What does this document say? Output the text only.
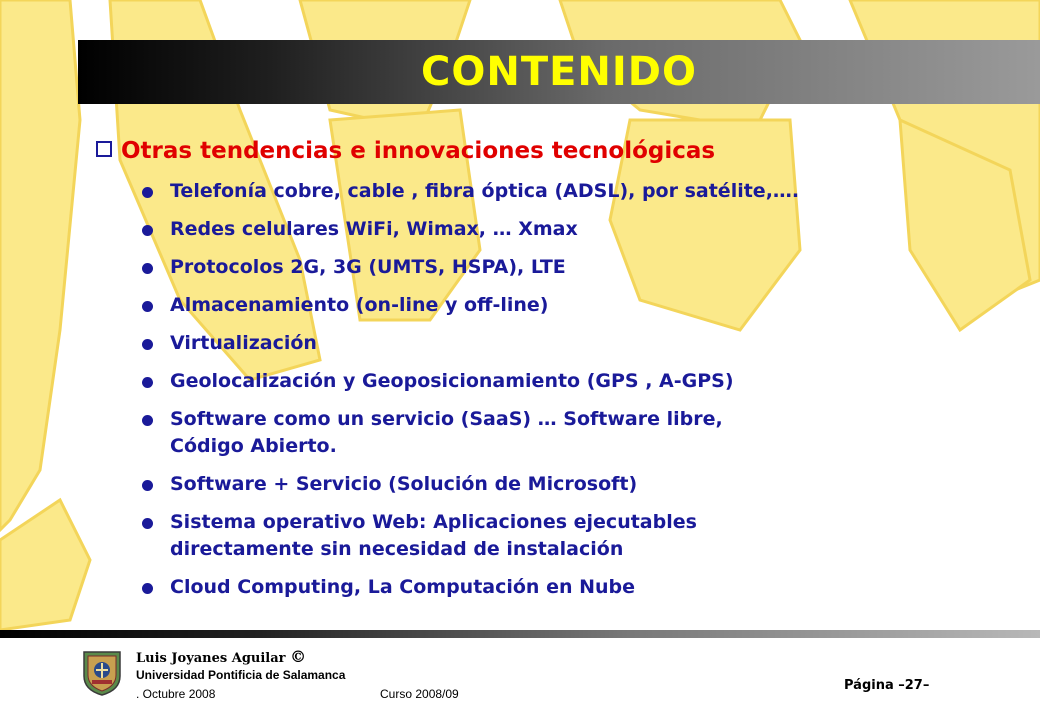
CONTENIDO
Otras tendencias e innovaciones tecnológicas
Telefonía cobre, cable , fibra óptica (ADSL), por satélite,….
Redes celulares WiFi, Wimax, … Xmax
Protocolos 2G, 3G (UMTS, HSPA), LTE
Almacenamiento (on-line y off-line)
Virtualización
Geolocalización y Geoposicionamiento (GPS , A-GPS)
Software como un servicio (SaaS) … Software libre,
Código Abierto.
Software + Servicio (Solución de Microsoft)
Sistema operativo Web: Aplicaciones ejecutables
directamente sin necesidad de instalación
Cloud Computing, La Computación en Nube
Luis Joyanes Aguilar ©
Universidad Pontificia de Salamanca
. Octubre 2008	Curso 2008/09
Página –27–
